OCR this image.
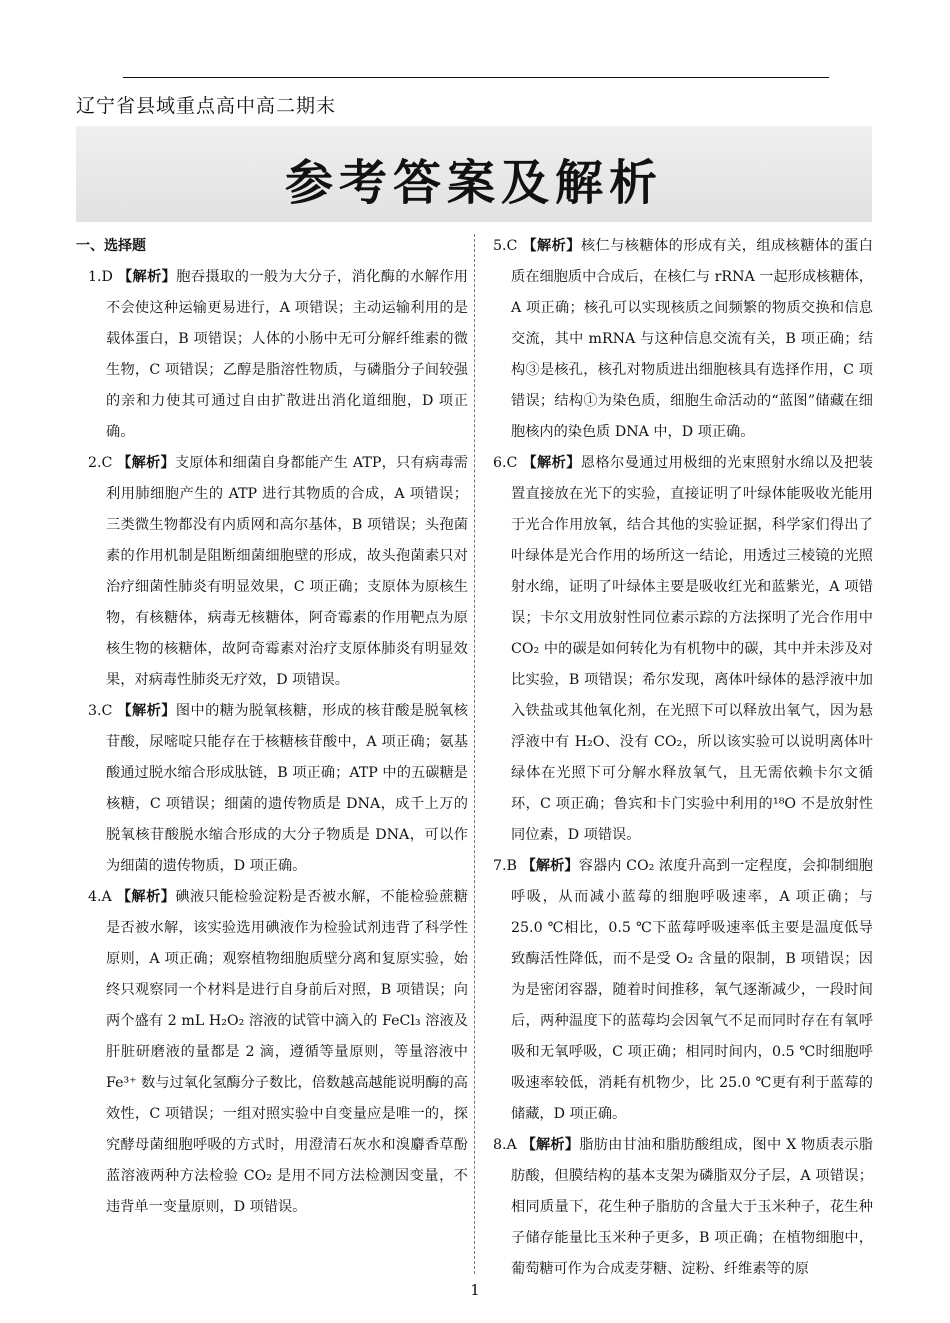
辽宁省县域重点高中高二期末
参考答案及解析
一、选择题

1.D 【解析】胞吞摄取的一般为大分子，消化酶的水解作用不会使这种运输更易进行，A 项错误；主动运输利用的是载体蛋白，B 项错误；人体的小肠中无可分解纤维素的微生物，C 项错误；乙醇是脂溶性物质，与磷脂分子间较强的亲和力使其可通过自由扩散进出消化道细胞，D 项正确。

2.C 【解析】支原体和细菌自身都能产生 ATP，只有病毒需利用肺细胞产生的 ATP 进行其物质的合成，A 项错误；三类微生物都没有内质网和高尔基体，B 项错误；头孢菌素的作用机制是阻断细菌细胞壁的形成，故头孢菌素只对治疗细菌性肺炎有明显效果，C 项正确；支原体为原核生物，有核糖体，病毒无核糖体，阿奇霉素的作用靶点为原核生物的核糖体，故阿奇霉素对治疗支原体肺炎有明显效果，对病毒性肺炎无疗效，D 项错误。

3.C 【解析】图中的糖为脱氧核糖，形成的核苷酸是脱氧核苷酸，尿嘧啶只能存在于核糖核苷酸中，A 项正确；氨基酸通过脱水缩合形成肽链，B 项正确；ATP 中的五碳糖是核糖，C 项错误；细菌的遗传物质是 DNA，成千上万的脱氧核苷酸脱水缩合形成的大分子物质是 DNA，可以作为细菌的遗传物质，D 项正确。

4.A 【解析】碘液只能检验淀粉是否被水解，不能检验蔗糖是否被水解，该实验选用碘液作为检验试剂违背了科学性原则，A 项正确；观察植物细胞质壁分离和复原实验，始终只观察同一个材料是进行自身前后对照，B 项错误；向两个盛有 2 mL H₂O₂ 溶液的试管中滴入的 FeCl₃ 溶液及肝脏研磨液的量都是 2 滴，遵循等量原则，等量溶液中 Fe³⁺ 数与过氧化氢酶分子数比，倍数越高越能说明酶的高效性，C 项错误；一组对照实验中自变量应是唯一的，探究酵母菌细胞呼吸的方式时，用澄清石灰水和溴麝香草酚蓝溶液两种方法检验 CO₂ 是用不同方法检测因变量，不违背单一变量原则，D 项错误。

5.C 【解析】核仁与核糖体的形成有关，组成核糖体的蛋白质在细胞质中合成后，在核仁与 rRNA 一起形成核糖体，A 项正确；核孔可以实现核质之间频繁的物质交换和信息交流，其中 mRNA 与这种信息交流有关，B 项正确；结构③是核孔，核孔对物质进出细胞核具有选择作用，C 项错误；结构①为染色质，细胞生命活动的“蓝图”储藏在细胞核内的染色质 DNA 中，D 项正确。

6.C 【解析】恩格尔曼通过用极细的光束照射水绵以及把装置直接放在光下的实验，直接证明了叶绿体能吸收光能用于光合作用放氧，结合其他的实验证据，科学家们得出了叶绿体是光合作用的场所这一结论，用透过三棱镜的光照射水绵，证明了叶绿体主要是吸收红光和蓝紫光，A 项错误；卡尔文用放射性同位素示踪的方法探明了光合作用中 CO₂ 中的碳是如何转化为有机物中的碳，其中并未涉及对比实验，B 项错误；希尔发现，离体叶绿体的悬浮液中加入铁盐或其他氧化剂，在光照下可以释放出氧气，因为悬浮液中有 H₂O、没有 CO₂，所以该实验可以说明离体叶绿体在光照下可分解水释放氧气，且无需依赖卡尔文循环，C 项正确；鲁宾和卡门实验中利用的¹⁸O 不是放射性同位素，D 项错误。

7.B 【解析】容器内 CO₂ 浓度升高到一定程度，会抑制细胞呼吸，从而减小蓝莓的细胞呼吸速率，A 项正确；与 25.0 ℃相比，0.5 ℃下蓝莓呼吸速率低主要是温度低导致酶活性降低，而不是受 O₂ 含量的限制，B 项错误；因为是密闭容器，随着时间推移，氧气逐渐减少，一段时间后，两种温度下的蓝莓均会因氧气不足而同时存在有氧呼吸和无氧呼吸，C 项正确；相同时间内，0.5 ℃时细胞呼吸速率较低，消耗有机物少，比 25.0 ℃更有利于蓝莓的储藏，D 项正确。

8.A 【解析】脂肪由甘油和脂肪酸组成，图中 X 物质表示脂肪酸，但膜结构的基本支架为磷脂双分子层，A 项错误；相同质量下，花生种子脂肪的含量大于玉米种子，花生种子储存能量比玉米种子更多，B 项正确；在植物细胞中，葡萄糖可作为合成麦芽糖、淀粉、纤维素等的原

1
